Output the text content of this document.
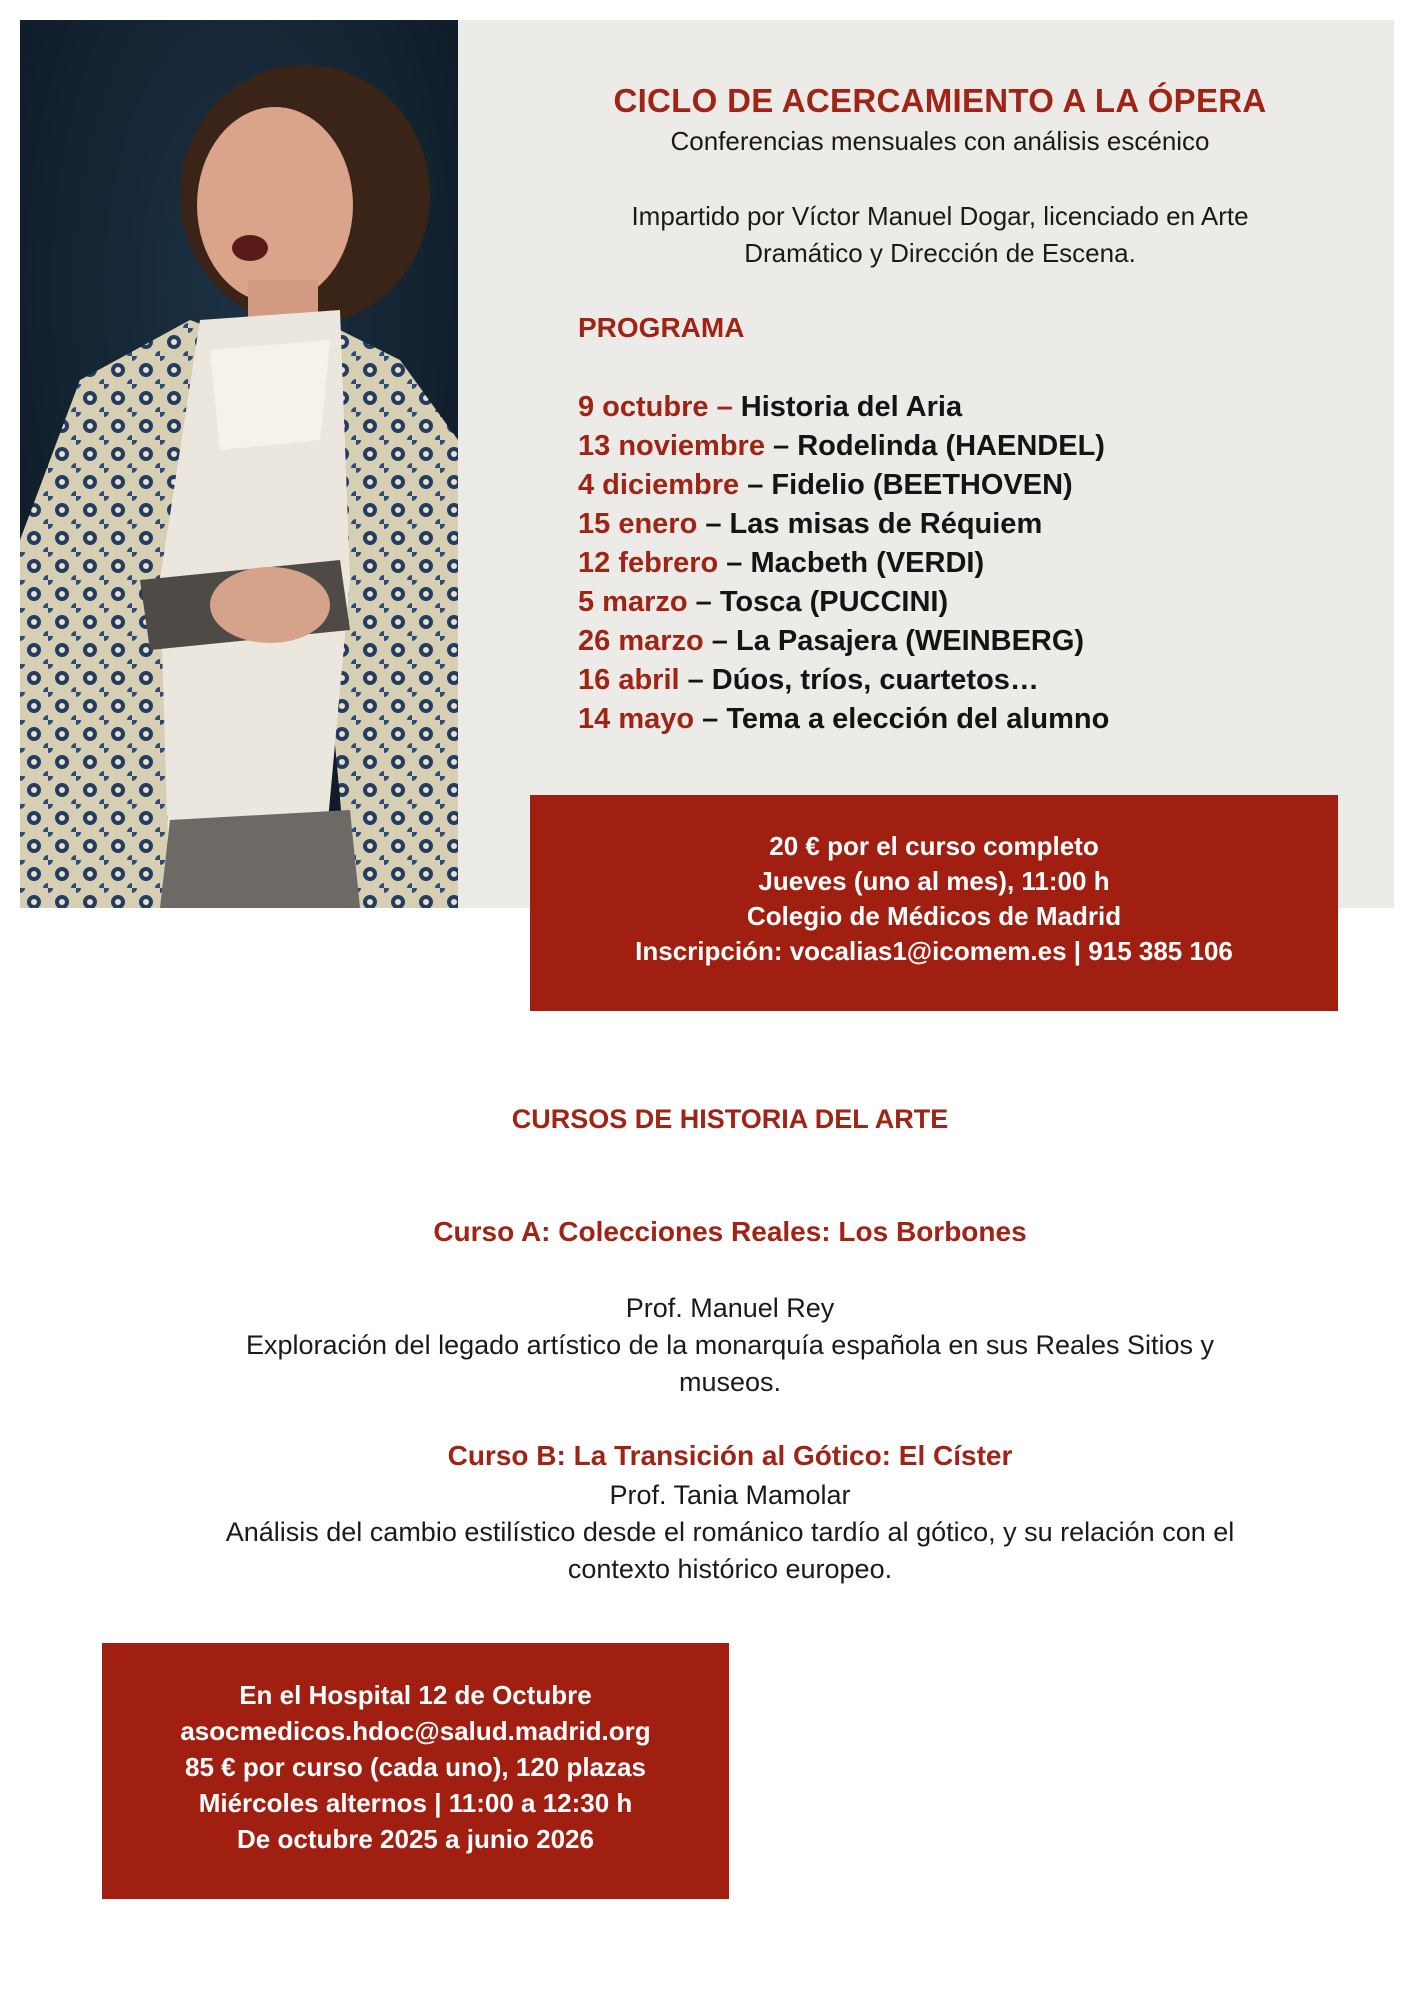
CICLO DE ACERCAMIENTO A LA ÓPERA
Conferencias mensuales con análisis escénico
Impartido por Víctor Manuel Dogar, licenciado en Arte
Dramático y Dirección de Escena.
PROGRAMA
9 octubre – Historia del Aria
13 noviembre – Rodelinda (HAENDEL)
4 diciembre – Fidelio (BEETHOVEN)
15 enero – Las misas de Réquiem
12 febrero – Macbeth (VERDI)
5 marzo – Tosca (PUCCINI)
26 marzo – La Pasajera (WEINBERG)
16 abril – Dúos, tríos, cuartetos…
14 mayo – Tema a elección del alumno
20 € por el curso completo
Jueves (uno al mes), 11:00 h
Colegio de Médicos de Madrid
Inscripción: vocalias1@icomem.es | 915 385 106
CURSOS DE HISTORIA DEL ARTE
Curso A: Colecciones Reales: Los Borbones
Prof. Manuel Rey
Exploración del legado artístico de la monarquía española en sus Reales Sitios y
museos.
Curso B: La Transición al Gótico: El Císter
Prof. Tania Mamolar
Análisis del cambio estilístico desde el románico tardío al gótico, y su relación con el
contexto histórico europeo.
En el Hospital 12 de Octubre
asocmedicos.hdoc@salud.madrid.org
85 € por curso (cada uno), 120 plazas
Miércoles alternos | 11:00 a 12:30 h
De octubre 2025 a junio 2026
